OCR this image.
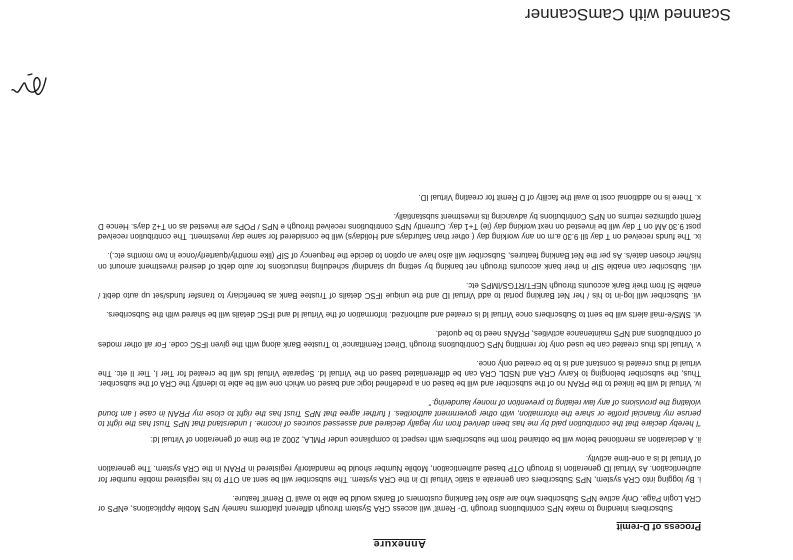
Annexure
Process of D-remit

Subscribers intending to make NPS contributions through ‘D- Remit’ will access CRA System through different platforms namely NPS Mobile Applications, eNPS or CRA Login Page. Only active NPS Subscribers who are also Net Banking customers of Banks would be able to avail ‘D Remit’ feature.

i. By logging into CRA system, NPS Subscribers can generate a static Virtual ID in the CRA system. The subscriber will be sent an OTP to his registered mobile number for authentication. As Virtual ID generation is through OTP based authentication, Mobile Number should be mandatorily registered in PRAN in the CRA system. The generation of Virtual Id is a one-time activity.

ii. A declaration as mentioned below will be obtained from the subscribers with respect to compliance under PMLA, 2002 at the time of generation of Virtual Id:

“I hereby declare that the contribution paid by me has been derived from my legally declared and assessed sources of income. I understand that NPS Trust has the right to peruse my financial profile or share the information, with other government authorities. I further agree that NPS Trust has the right to close my PRAN in case I am found violating the provisions of any law relating to prevention of money laundering.”

iv. Virtual Id will be linked to the PRAN no of the subscriber and will be based on a predefined logic and based on which one will be able to identify the CRA of the subscriber. Thus, the subscriber belonging to Karvy CRA and NSDL CRA can be differentiated based on the Virtual Id. Separate Virtual Ids will be created for Tier I, Tier II etc. The virtual id thus created is constant and is to be created only once.

v. Virtual Ids thus created can be used only for remitting NPS Contributions through ‘Direct Remittance’ to Trustee Bank along with the given IFSC code. For all other modes of contributions and NPS maintenance activities, PRANs need to be quoted.

vi. SMS/e-mail alerts will be sent to Subscribers once Virtual Id is created and authorized. Information of the Virtual Id and IFSC details will be shared with the Subscribers.

vii. Subscriber will log-in to his / her Net Banking portal to add Virtual ID and the unique IFSC details of Trustee Bank as beneficiary to transfer funds/set up auto debit / enable SI from their Bank accounts through NEFT/RTGS/IMPS etc.

viii. Subscriber can enable SIP in their bank accounts through net banking by setting up standing/ scheduling instructions for auto debit of desired investment amount on his/her chosen date/s. As per the Net Banking features, Subscriber will also have an option to decide the frequency of SIP (like monthly/quarterly/once in two months etc.).

ix. The funds received on T day till 9.30 a.m on any working day ( other than Saturdays and Holidays) will be considered for same day investment. The contribution received post 9.30 AM on T day will be invested on next working day (ie) T+1 day. Currently NPS contributions received through e NPS / POPs are invested as on T+2 days. Hence D Remit optimizes returns on NPS Contributions by advancing its investment substantially.

x. There is no additional cost to avail the facility of D Remit for creating Virtual ID.

Scanned with CamScanner
